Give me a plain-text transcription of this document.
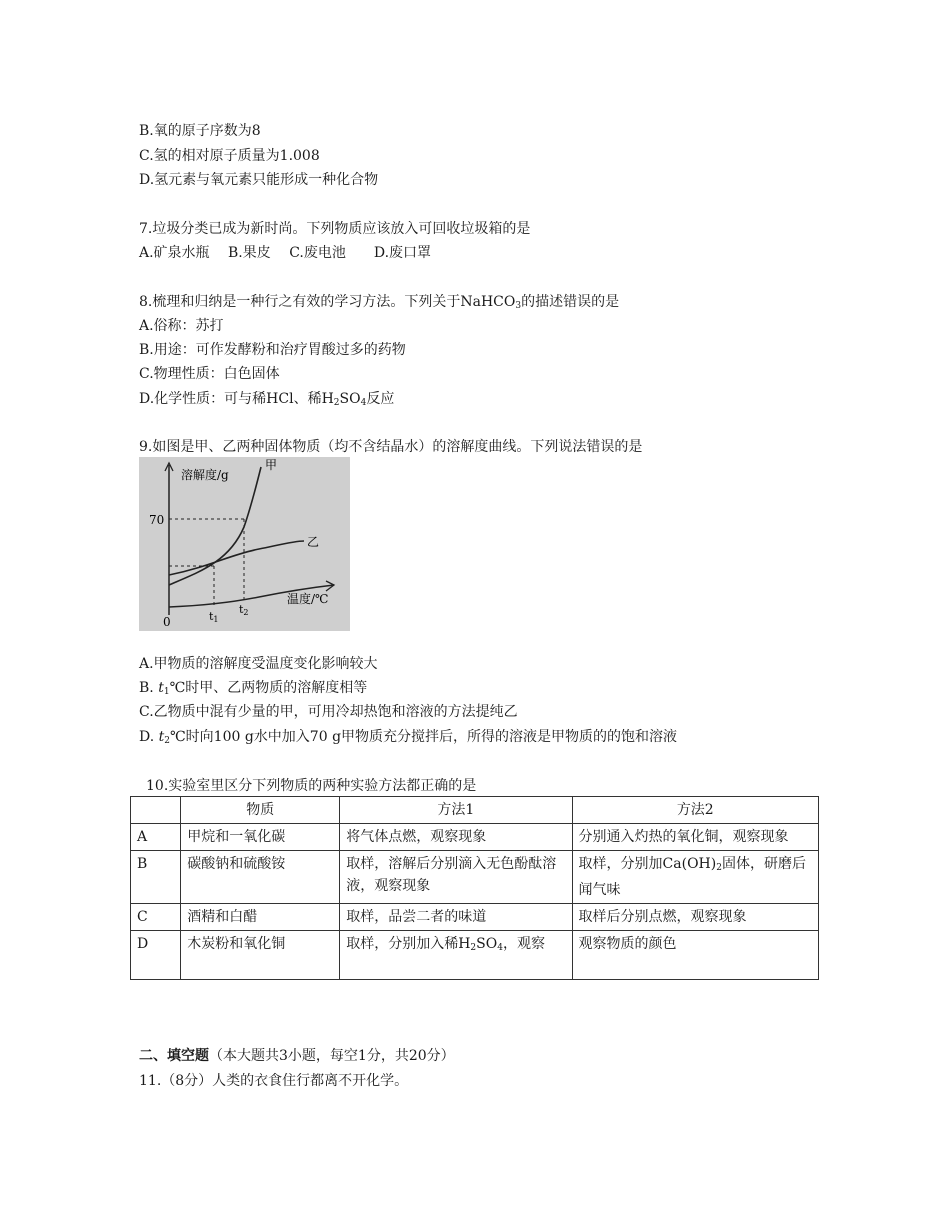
B.氧的原子序数为8
C.氢的相对原子质量为1.008
D.氢元素与氧元素只能形成一种化合物
7.垃圾分类已成为新时尚。下列物质应该放入可回收垃圾箱的是
A.矿泉水瓶　 B.果皮　 C.废电池　　D.废口罩
8.梳理和归纳是一种行之有效的学习方法。下列关于NaHCO$_3$的描述错误的是
A.俗称：苏打
B.用途：可作发酵粉和治疗胃酸过多的药物
C.物理性质：白色固体
D.化学性质：可与稀HCl、稀$H_2SO_4$反应
9.如图是甲、乙两种固体物质（均不含结晶水）的溶解度曲线。下列说法错误的是
溶解度/g
甲
乙
70
0	t1
t2
温度/℃
A.甲物质的溶解度受温度变化影响较大
B. $t_1℃$时甲、乙两物质的溶解度相等
C.乙物质中混有少量的甲，可用冷却热饱和溶液的方法提纯乙
D. $t_2℃$时向100 g水中加入70 g甲物质充分搅拌后，所得的溶液是甲物质的的饱和溶液
10.实验室里区分下列物质的两种实验方法都正确的是
	物质	方法1	方法2
A	甲烷和一氧化碳	将气体点燃，观察现象	分别通入灼热的氧化铜，观察现象
B	碳酸钠和硫酸铵	取样，溶解后分别滴入无色酚酞溶液，观察现象	取样，分别加$Ca(OH)_2$固体，研磨后闻气味
C	酒精和白醋	取样，品尝二者的味道	取样后分别点燃，观察现象
D	木炭粉和氧化铜	取样，分别加入稀$H_2SO_4$，观察	观察物质的颜色
二、填空题（本大题共3小题，每空1分，共20分）
11.（8分）人类的衣食住行都离不开化学。
